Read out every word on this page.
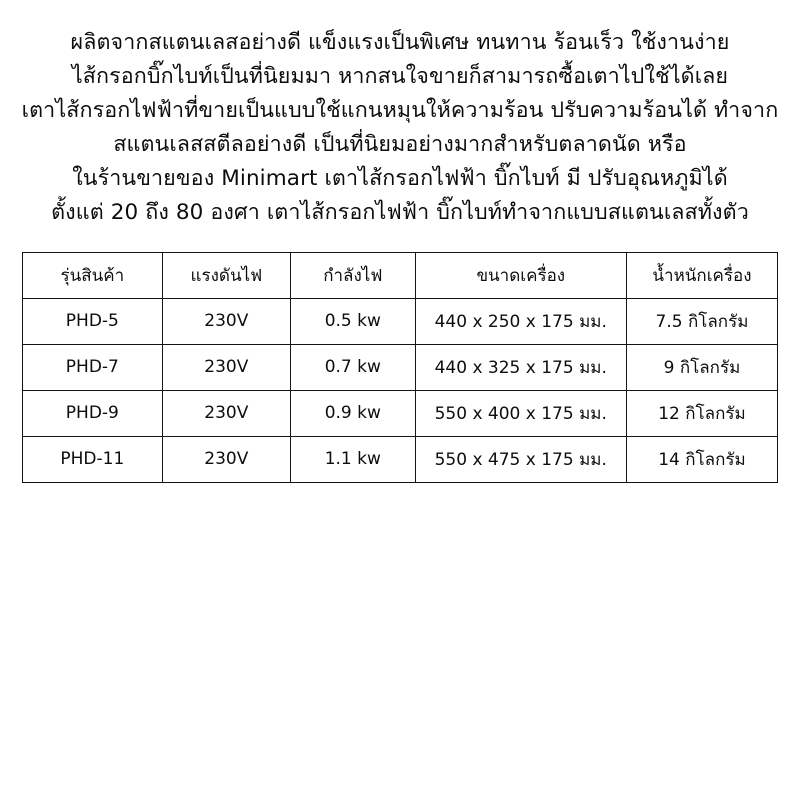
ผลิตจากสแตนเลสอย่างดี แข็งแรงเป็นพิเศษ ทนทาน ร้อนเร็ว ใช้งานง่าย
ไส้กรอกบิ๊กไบท์เป็นที่นิยมมา หากสนใจขายก็สามารถซื้อเตาไปใช้ได้เลย
เตาไส้กรอกไฟฟ้าที่ขายเป็นแบบใช้แกนหมุนให้ความร้อน ปรับความร้อนได้ ทำจาก
สแตนเลสสตีลอย่างดี เป็นที่นิยมอย่างมากสำหรับตลาดนัด หรือ
ในร้านขายของ Minimart เตาไส้กรอกไฟฟ้า บิ๊กไบท์ มี ปรับอุณหภูมิได้
ตั้งแต่ 20 ถึง 80 องศา เตาไส้กรอกไฟฟ้า บิ๊กไบท์ทำจากแบบสแตนเลสทั้งตัว
รุ่นสินค้า	แรงดันไฟ	กำลังไฟ	ขนาดเครื่อง	น้ำหนักเครื่อง
PHD-5	230V	0.5 kw	440 x 250 x 175 มม.	7.5 กิโลกรัม
PHD-7	230V	0.7 kw	440 x 325 x 175 มม.	9 กิโลกรัม
PHD-9	230V	0.9 kw	550 x 400 x 175 มม.	12 กิโลกรัม
PHD-11	230V	1.1 kw	550 x 475 x 175 มม.	14 กิโลกรัม
